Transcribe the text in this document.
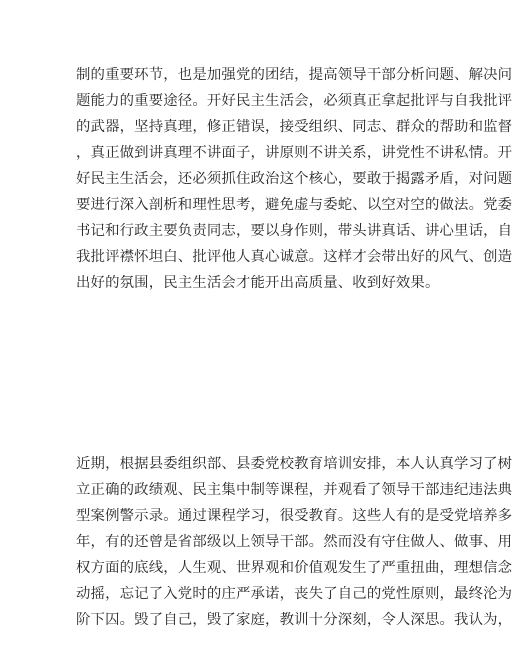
制的重要环节，也是加强党的团结，提高领导干部分析问题、解决问
题能力的重要途径。开好民主生活会，必须真正拿起批评与自我批评
的武器，坚持真理，修正错误，接受组织、同志、群众的帮助和监督
，真正做到讲真理不讲面子，讲原则不讲关系，讲党性不讲私情。开
好民主生活会，还必须抓住政治这个核心，要敢于揭露矛盾，对问题
要进行深入剖析和理性思考，避免虚与委蛇、以空对空的做法。党委
书记和行政主要负责同志，要以身作则，带头讲真话、讲心里话，自
我批评襟怀坦白、批评他人真心诚意。这样才会带出好的风气、创造
出好的氛围，民主生活会才能开出高质量、收到好效果。
近期，根据县委组织部、县委党校教育培训安排，本人认真学习了树
立正确的政绩观、民主集中制等课程，并观看了领导干部违纪违法典
型案例警示录。通过课程学习，很受教育。这些人有的是受党培养多
年，有的还曾是省部级以上领导干部。然而没有守住做人、做事、用
权方面的底线，人生观、世界观和价值观发生了严重扭曲，理想信念
动摇，忘记了入党时的庄严承诺，丧失了自己的党性原则，最终沦为
阶下囚。毁了自己，毁了家庭，教训十分深刻，令人深思。我认为，
